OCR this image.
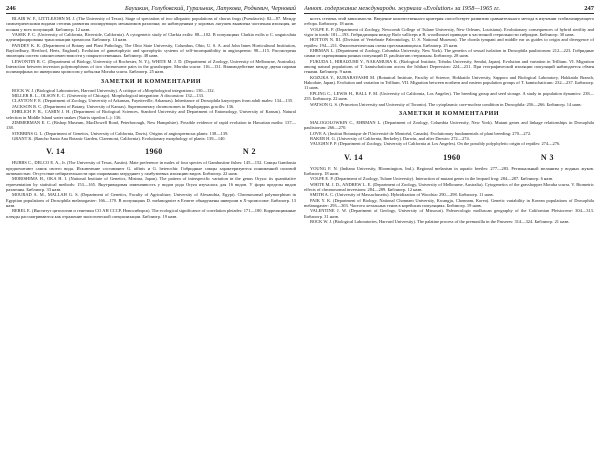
246	Баушкин, Голубовский, Гуральник, Лапукова, Родкевич, Черновай

BLAIR W. F., LITTLEJOHN M. J. (The University of Texas). Stage of speciation of two allopatric populations of chorus frogs (Pseudacris): 82—87. Между симпатрическими видами степень развития изолирующих механизмов различна; по наблюдениям у хоровых лягушек выявлена частичная изоляция, не полная у всех популяций. Библиогр. 12 назв.

VASEK F. C. (University of California, Riverside, California). A cytogenetic study of Clarkia exilis: 88—102. В популяциях Clarkia exilis и C. unguiculata идентифицированы транслокации хромосом. Библиогр. 14 назв.

PANDEY K. K. (Department of Botany and Plant Pathology, The Ohio State University, Columbus, Ohio, U. S. A. and John Innes Horticultural Institution, Bayfordbury, Hertford, Herts, England). Evolution of gametophytic and sporophytic systems of self-incompatibility in angiosperms: 98—115. Рассмотрена эволюция систем самонесовместимости у покрытосеменных. Библиогр. 48 назв.

LEWONTIN R. C. (Department of Biology, University of Rochester, N. Y.), WHITE M. J. D. (Department of Zoology, University of Melbourne, Australia). Interaction between inversion polymorphisms of two chromosome pairs in the grasshopper, Moraba scurra: 116—131. Взаимодействие между двумя парами полиморфных по инверсиям хромосом у кобылки Moraba scurra. Библиогр. 25 назв.

ЗАМЕТКИ И КОММЕНТАРИИ

BOCK W. J. (Biological Laboratories, Harvard University). A critique of «Morphological integration»: 130—132.

MILLER R. L., OLSON E. C. (University of Chicago). Morphological integration: A discussion: 132—133.

CLAYTON F. E. (Department of Zoology, University of Arkansas, Fayetteville, Arkansas). Inheritance of Drosophila karyotypes from adult males: 134—135.

JACKSON R. C. (Department of Botany, University of Kansas). Supernumerary chromosomes in Haplopappus gracilis: 136.

EHRLICH P. R., CAMIN J. H. (Department of Biological Sciences, Stanford University and Department of Entomology, University of Kansas). Natural selection in Middle Island water snakes (Natrix sipedon L.): 136.

ZIMMERMAN E. C. (Bishop Museum, MacDowell Road, Peterborough, New Hampshire). Possible evidence of rapid evolution in Hawaiian moths: 137—138.

STEBBINS G. L. (Department of Genetics, University of California, Davis). Origins of angiospermous plants: 138—139.

GRANT K. (Rancho Santa Ana Botanic Garden, Claremont, California). Evolutionary morphology of plants: 139—140.

V. 14	1960	N 2

HUBBS C., DELCO E. A., Jr. (The University of Texas, Austin). Mate preference in males of four species of Gambusiine fishes: 145—152. Самцы Gambusia предпочитают самок своего вида. Исключение составляют G. affinis и G. heterochir. Гибридные самцы характеризуются пониженной половой активностью. Отсутствие избирательности при спаривании затрудняет у гамбузиевых изоляцию видов. Библиогр. 22 назв.

MORISHIMA H., OKA H. I. (National Institute of Genetics, Misima, Japan). The pattern of interspecific variation in the genus Oryza: its quantitative representation by statistical methods: 153—165. Внутривидовая изменчивость у видов рода Oryza изучалась для 16 видов. У форм пределы видов различны. Библиогр. 33 назв.

MOURAD A. M., MALLAH G. S. (Department of Genetics, Faculty of Agriculture, University of Alexandria, Egypt). Chromosomal polymorphism in Egyptian populations of Drosophila melanogaster: 166—170. В популяциях D. melanogaster в Египте обнаружены инверсии в Х-хромосоме. Библиогр. 13 назв.

BEREL E. (Институт цитологии и генетики СО АН СССР, Новосибирск). The ecological significance of correlation pleiades: 171—180. Корреляционные плеяды рассматриваются как отражение экологической специализации. Библиогр. 19 назв.

Аннот. содержание международн. журнала «Evolution» за 1958—1965 гг.	247

ность степень этой зависимости. Введение количественного критерия способствует развитию сравнительного метода в изучении стабилизирующего отбора. Библиогр. 18 назв.

VOLPE E. P. (Department of Zoology, Newcomb College of Tulane University, New Orleans, Louisiana). Evolutionary consequences of hybrid sterility and vigor in toads: 181—193. Гибридизация между Bufo valliceps и B. woodhousei приводит к частичной стерильности гибридов. Библиогр. 30 назв.

HOTTON N. III. (Division of Vertebrate Paleontology, U. S. National Museum). The chorda tympani and middle ear as guides to origin and divergence of reptiles: 194—211. Филогенетическая схема пресмыкающихся. Библиогр. 25 назв.

EHRMAN L. (Department of Zoology, Columbia University, New York). The genetics of sexual isolation in Drosophila paulistorum: 212—223. Гибридные самки от скрещивания разных популяций D. paulistorum стерильны. Библиогр. 28 назв.

FUKUDA I., HIRAIZUMI Y., NAKAMURA K. (Biological Institute, Tohoku University, Sendai, Japan). Evolution and variation in Trillium. VI. Migration among natural populations of T. kamtschaticum across the Ishikari Depression: 224—231. При географической изоляции популяций наблюдается обмен генами. Библиогр. 9 назв.

KOZUKA Y., KURABAYASHI M. (Botanical Institute, Faculty of Science, Hokkaido University, Sapporo and Biological Laboratory, Hokkaido Branch, Hakodate, Japan). Evolution and variation in Trillium. VII. Migration between northern and eastern population groups of T. kamtschaticum: 232—237. Библиогр. 11 назв.

EPLING C., LEWIS H., BALL F. M. (University of California, Los Angeles). The breeding group and seed storage. A study in population dynamics: 238—255. Библиогр. 22 назв.

WATSON G. S. (Princeton University and University of Toronto). The cytoplasmic core-nuclear condition in Drosophila: 256—266. Библиогр. 14 назв.

ЗАМЕТКИ И КОММЕНТАРИИ

MALOGOLOWKIN C., EHRMAN L. (Department of Zoology, Columbia University, New York). Mutant genes and linkage relationships in Drosophila paulistorum: 266—270.

LOVE A. (Institut Botanique de l'Université de Montréal, Canada). Evolutionary fundamentals of plant breeding: 270—272.

BAKER H. G. (University of California, Berkeley). Darwin, and after Darwin: 272—274.

VAUGHN P. P. (Department of Zoology, University of California at Los Angeles). On the possibly polyphyletic origin of reptiles: 274—276.

V. 14	1960	N 3

YOUNG F. N. (Indiana University, Bloomington, Ind.). Regional melanism in aquatic beetles: 277—283. Региональный меланизм у водных жуков. Библиогр. 18 назв.

VOLPE E. P. (Department of Zoology, Tulane University). Interaction of mutant genes in the leopard frog: 284—287. Библиогр. 6 назв.

WHITE M. J. D., ANDREW L. E. (Department of Zoology, University of Melbourne, Australia). Cytogenetics of the grasshopper Moraba scurra. V. Biometric effects of chromosomal inversions: 284—289. Библиогр. 12 назв.

SMITH A. C. (University of Massachusetts). Hybridization of Woodsia: 290—298. Библиогр. 11 назв.

PAIK Y. K. (Department of Biology, National Chonnam University, Kwangju, Chonnam, Korea). Genetic variability in Korean populations of Drosophila melanogaster: 293—303. Частота летальных генов в корейских популяциях. Библиогр. 19 назв.

VALENTINE J. W. (Department of Geology, University of Missouri). Paleoecologic molluscan geography of the Californian Pleistocene: 304—313. Библиогр. 31 назв.

BOCK W. J. (Biological Laboratories, Harvard University). The palatine process of the premaxilla in the Passeres: 314—324. Библиогр. 21 назв.
